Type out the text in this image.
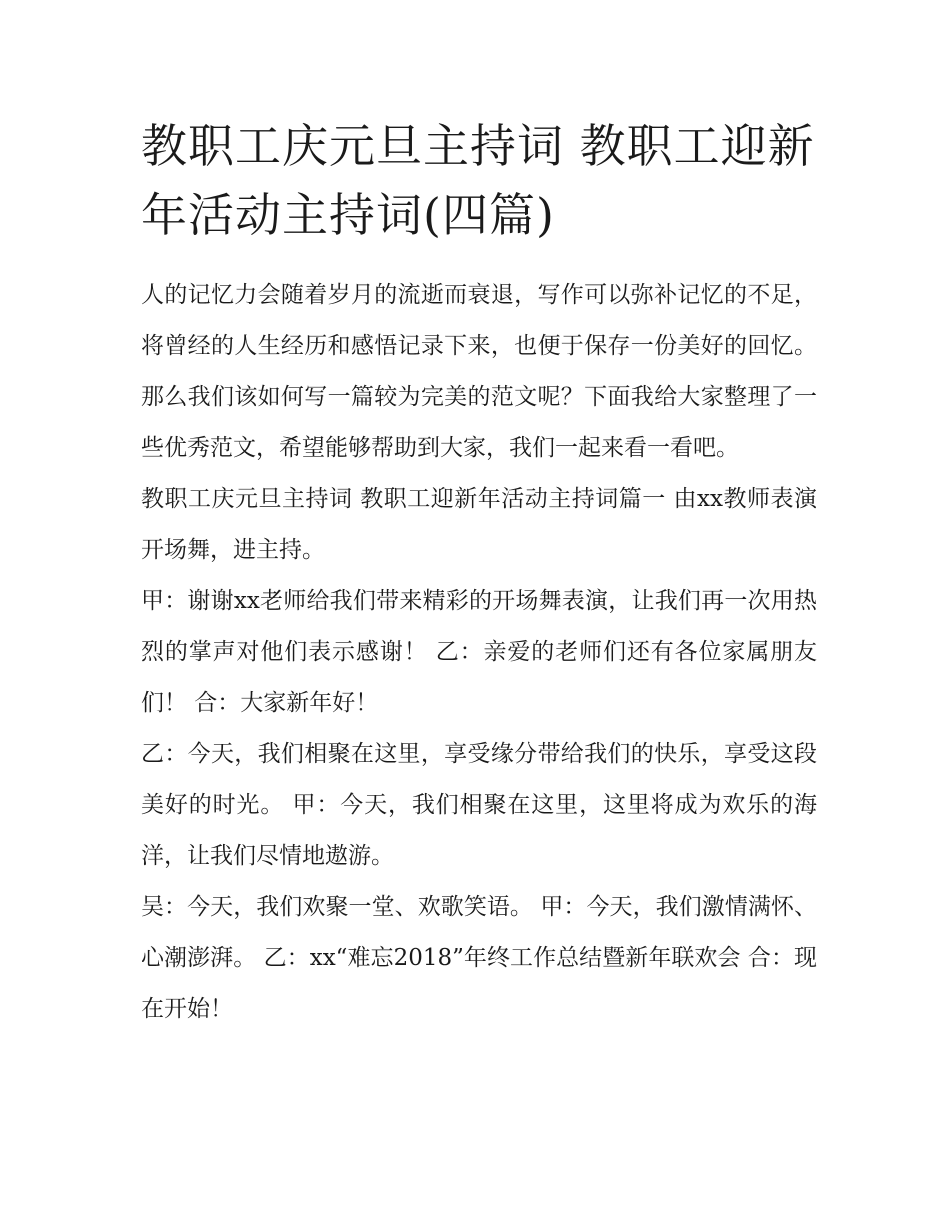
教职工庆元旦主持词 教职工迎新年活动主持词(四篇)

人的记忆力会随着岁月的流逝而衰退，写作可以弥补记忆的不足，将曾经的人生经历和感悟记录下来，也便于保存一份美好的回忆。那么我们该如何写一篇较为完美的范文呢？下面我给大家整理了一些优秀范文，希望能够帮助到大家，我们一起来看一看吧。

教职工庆元旦主持词 教职工迎新年活动主持词篇一 由xx教师表演开场舞，进主持。

甲：谢谢xx老师给我们带来精彩的开场舞表演，让我们再一次用热烈的掌声对他们表示感谢！ 乙：亲爱的老师们还有各位家属朋友们！ 合：大家新年好！

乙：今天，我们相聚在这里，享受缘分带给我们的快乐，享受这段美好的时光。 甲：今天，我们相聚在这里，这里将成为欢乐的海洋，让我们尽情地遨游。

吴：今天，我们欢聚一堂、欢歌笑语。 甲：今天，我们激情满怀、心潮澎湃。 乙：xx“难忘2018”年终工作总结暨新年联欢会 合：现在开始！
